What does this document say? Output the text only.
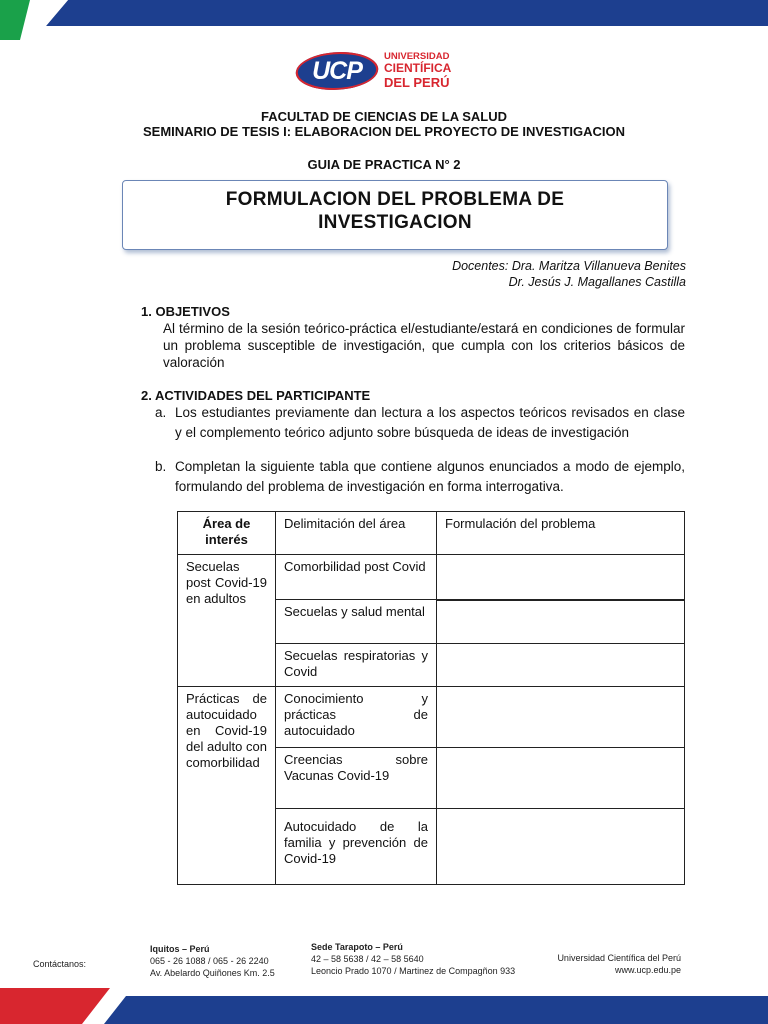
UCP
UNIVERSIDAD
CIENTÍFICA
DEL PERÚ
FACULTAD DE CIENCIAS DE LA SALUD
SEMINARIO DE TESIS I: ELABORACION DEL PROYECTO DE INVESTIGACION
GUIA DE PRACTICA N° 2
FORMULACION DEL PROBLEMA DE
INVESTIGACION
Docentes: Dra. Maritza Villanueva Benites
Dr. Jesús J. Magallanes Castilla
1. OBJETIVOS
Al término de la sesión teórico-práctica el/estudiante/estará en condiciones de formular un problema susceptible de investigación, que cumpla con los criterios básicos de valoración
2. ACTIVIDADES DEL PARTICIPANTE
a. Los estudiantes previamente dan lectura a los aspectos teóricos revisados en clase y el complemento teórico adjunto sobre búsqueda de ideas de investigación
b. Completan la siguiente tabla que contiene algunos enunciados a modo de ejemplo, formulando del problema de investigación en forma interrogativa.
Área de interés
Delimitación del área	Formulación del problema
Secuelas post Covid-19 en adultos
Prácticas de autocuidado en Covid-19 del adulto con comorbilidad
Comorbilidad post Covid
Secuelas y salud mental
Secuelas respiratorias y Covid
Conocimiento y prácticas de autocuidado
Creencias sobre Vacunas Covid-19
Autocuidado de la familia y prevención de Covid-19
Contáctanos:
Iquitos – Perú
065 - 26 1088 / 065 - 26 2240
Av. Abelardo Quiñones Km. 2.5
Sede Tarapoto – Perú
42 – 58 5638 / 42 – 58 5640
Leoncio Prado 1070 / Martinez de Compagñon 933
Universidad Científica del Perú
www.ucp.edu.pe
